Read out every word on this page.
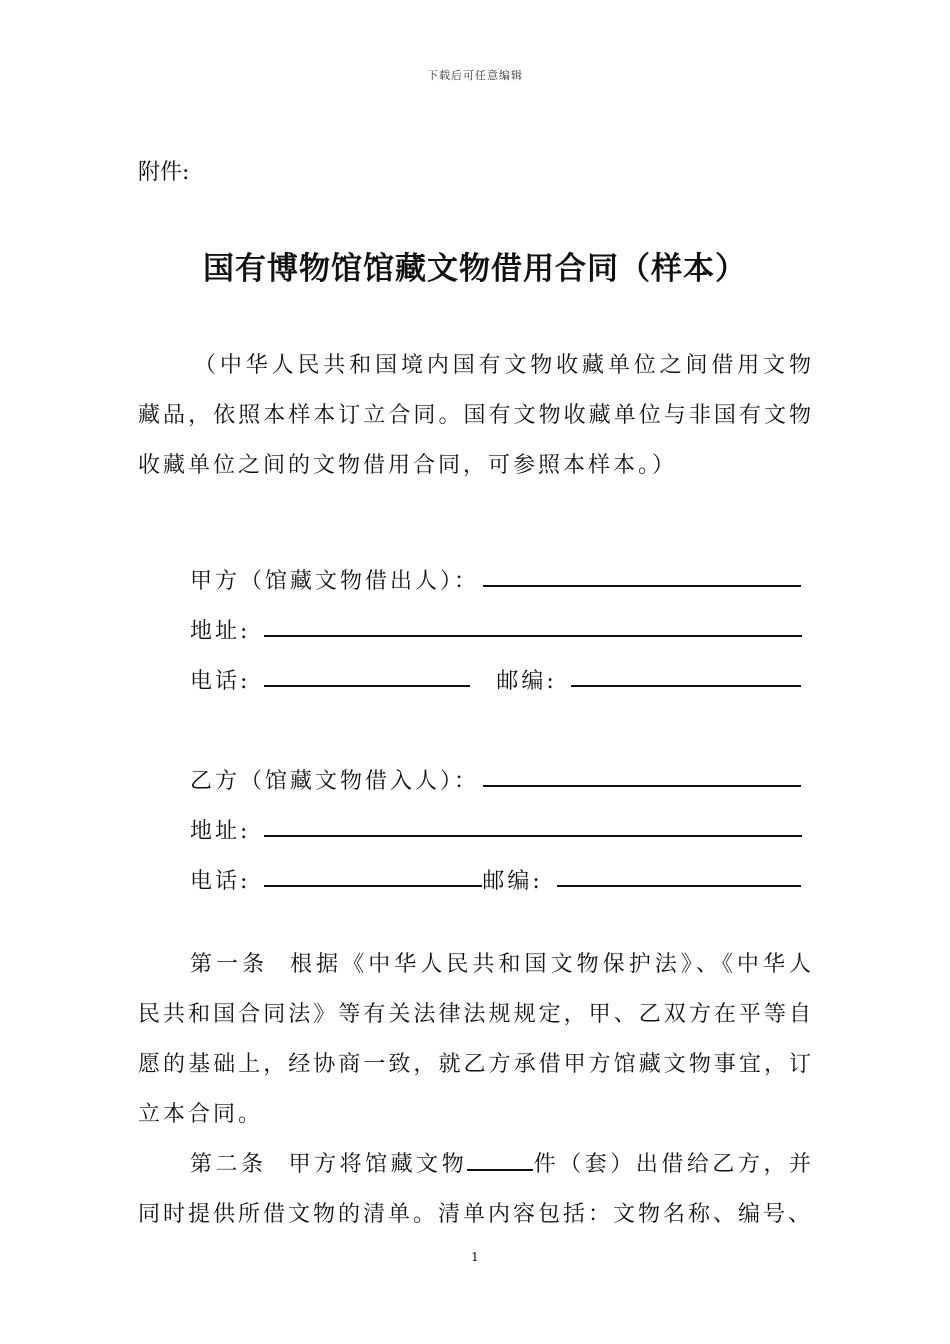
下载后可任意编辑
附件:
国有博物馆馆藏文物借用合同（样本）
（中华人民共和国境内国有文物收藏单位之间借用文物藏品，依照本样本订立合同。国有文物收藏单位与非国有文物收藏单位之间的文物借用合同，可参照本样本。）
甲方（馆藏文物借出人）：
地址:
电话:	邮编:
乙方（馆藏文物借入人）：
地址:
电话:	邮编:
第一条 根据《中华人民共和国文物保护法》、《中华人民共和国合同法》等有关法律法规规定，甲、乙双方在平等自愿的基础上，经协商一致，就乙方承借甲方馆藏文物事宜，订立本合同。
第二条 甲方将馆藏文物	件（套）出借给乙方，并同时提供所借文物的清单。清单内容包括：文物名称、编号、
1
